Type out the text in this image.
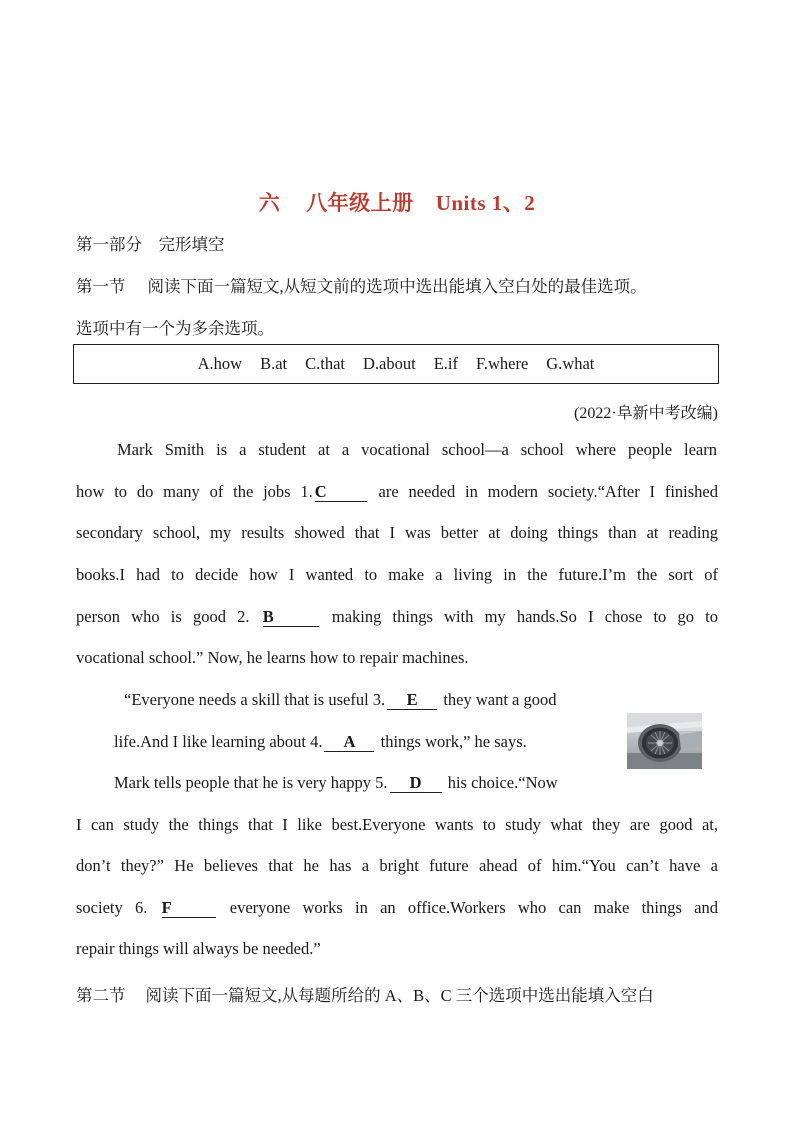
六 八年级上册 Units 1、2
第一部分　完形填空
第一节 阅读下面一篇短文,从短文前的选项中选出能填入空白处的最佳选项。
选项中有一个为多余选项。
A.how B.at C.that D.about E.if F.where G.what
(2022·阜新中考改编)
Mark Smith is a student at a vocational school—a school where people learn
how to do many of the jobs 1. C	are needed in modern society.“After I finished
secondary school, my results showed that I was better at doing things than at reading
books.I had to decide how I wanted to make a living in the future.I’m the sort of
person who is good 2. B	making things with my hands.So I chose to go to
vocational school.” Now, he learns how to repair machines.
“Everyone needs a skill that is useful 3. E they want a good
life.And I like learning about 4. A things work,” he says.
Mark tells people that he is very happy 5. D his choice.“Now
I can study the things that I like best.Everyone wants to study what they are good at,
don’t they?” He believes that he has a bright future ahead of him.“You can’t have a
society 6. F	everyone works in an office.Workers who can make things and
repair things will always be needed.”
第二节 阅读下面一篇短文,从每题所给的 A、B、C 三个选项中选出能填入空白
